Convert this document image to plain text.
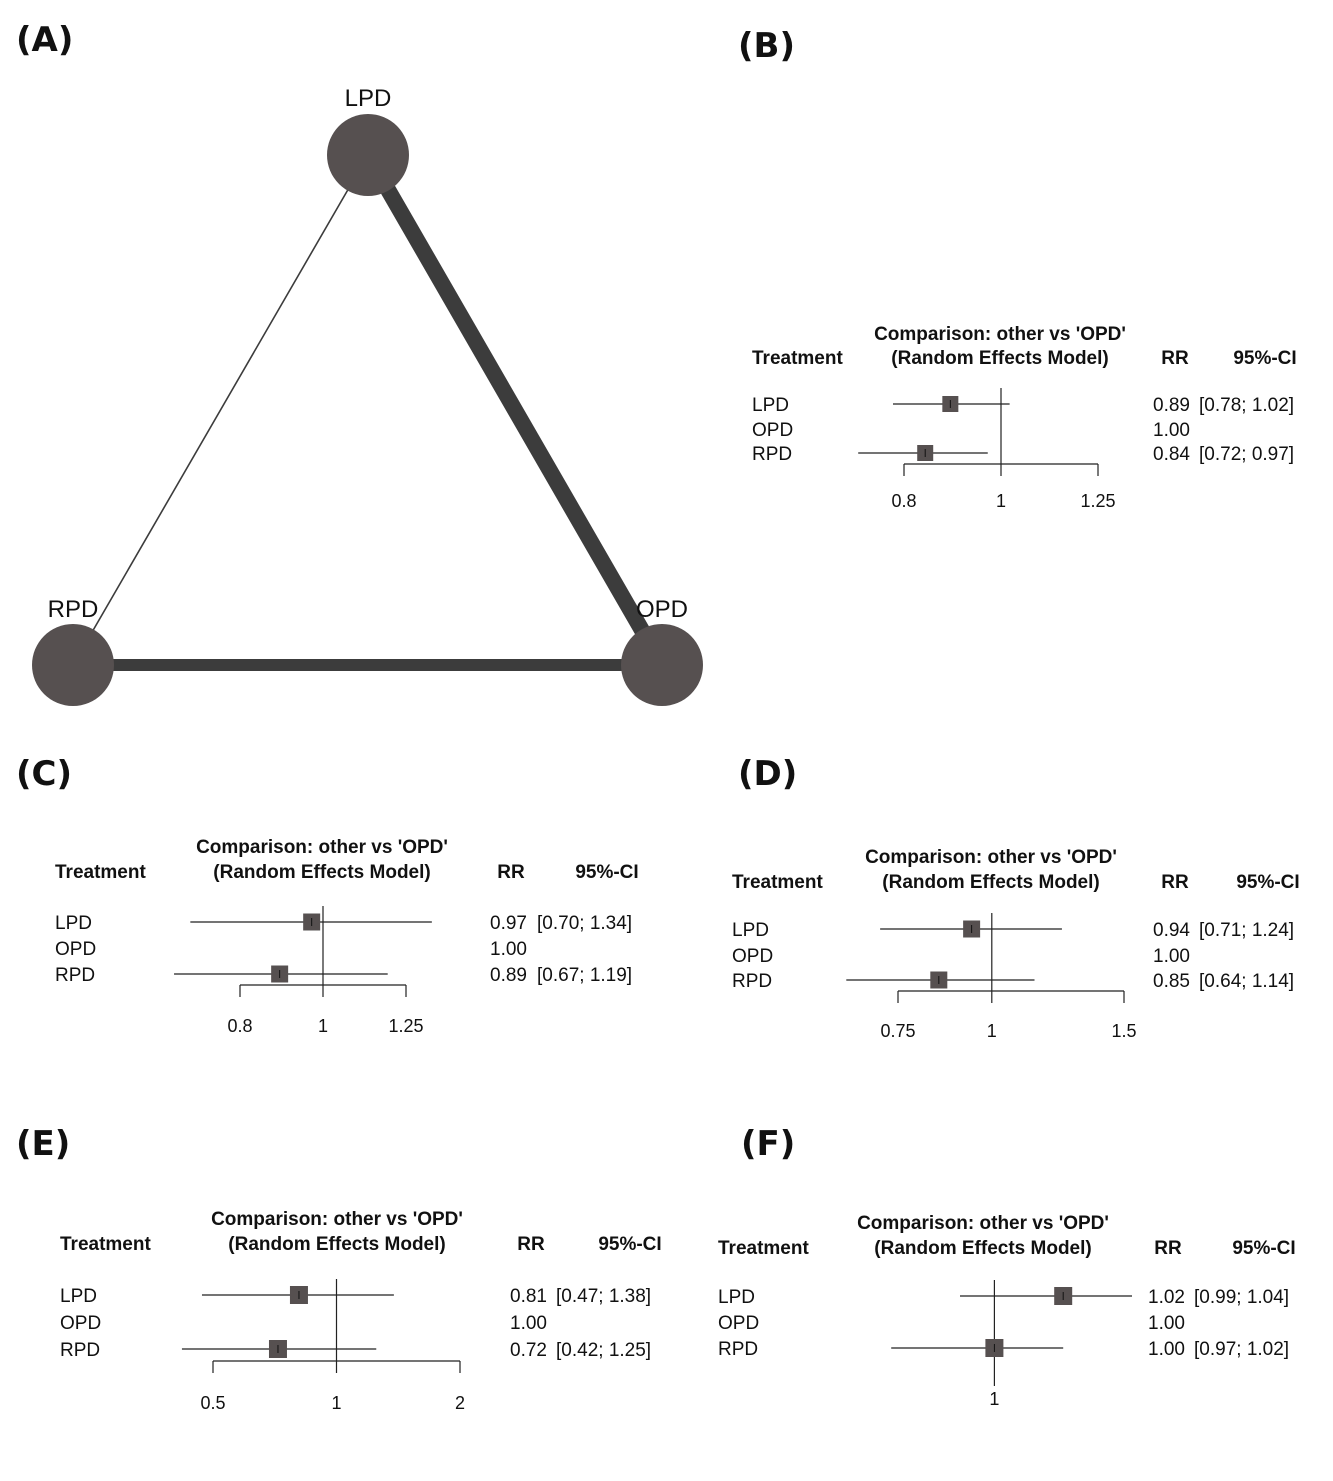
(A)	(B)
(C)	(D)
(E)	(F)
LPD
RPD	OPD
Comparison: other vs 'OPD'
(Random Effects Model)
Treatment	RR 95%-CI
LPD	0.89 [0.78; 1.02]
OPD	1.00
RPD	0.84 [0.72; 0.97]
0.8	1	1.25
Comparison: other vs 'OPD'
(Random Effects Model)
Treatment	RR	95%-CI
LPD	0.97 [0.70; 1.34]
OPD	1.00
RPD	0.89 [0.67; 1.19]
0.8	1	1.25
Comparison: other vs 'OPD'
(Random Effects Model)
Treatment	RR	95%-CI
LPD	0.94 [0.71; 1.24]
OPD	1.00
RPD	0.85 [0.64; 1.14]
0.75	1	1.5
Comparison: other vs 'OPD'
(Random Effects Model)
Treatment	RR	95%-CI
LPD	0.81 [0.47; 1.38]
OPD	1.00
RPD	0.72 [0.42; 1.25]
0.5	1	2
Comparison: other vs 'OPD'
(Random Effects Model)
Treatment	RR	95%-CI
LPD	1.02 [0.99; 1.04]
OPD	1.00
RPD	1.00 [0.97; 1.02]
1
